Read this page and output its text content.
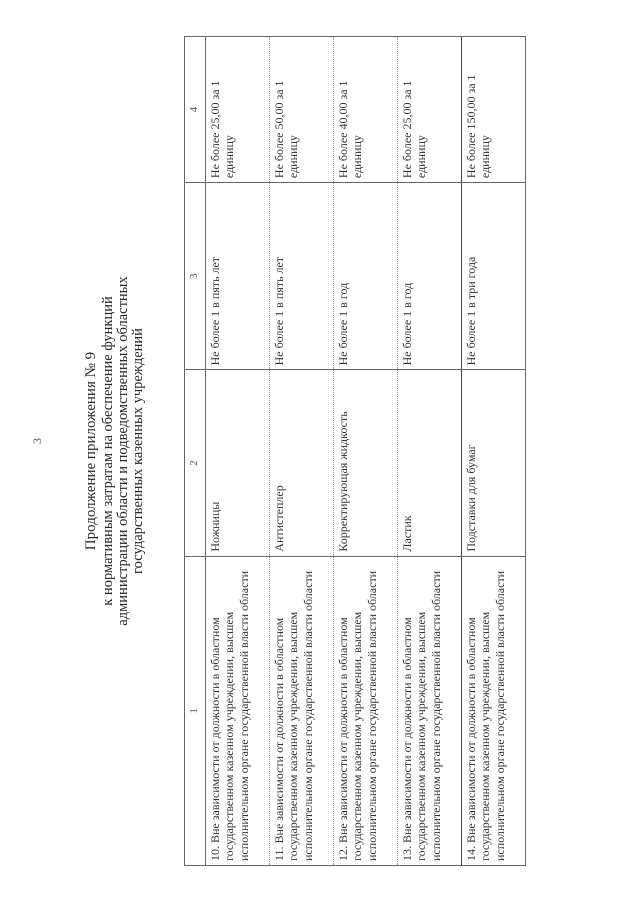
3	Продолжение приложения № 9 к нормативным затратам на обеспечение функций администрации области и подведомственных областных государственных казенных учреждений
1	2	3	4
10. Вне зависимости от должности в областном государственном казенном учреждении, высшем исполнительном органе государственной власти области	Ножницы	Не более 1 в пять лет	Не более 25,00 за 1 единицу
11. Вне зависимости от должности в областном государственном казенном учреждении, высшем исполнительном органе государственной власти области	Антистеплер	Не более 1 в пять лет	Не более 50,00 за 1 единицу
12. Вне зависимости от должности в областном государственном казенном учреждении, высшем исполнительном органе государственной власти области	Корректирующая жидкость	Не более 1 в год	Не более 40,00 за 1 единицу
13. Вне зависимости от должности в областном государственном казенном учреждении, высшем исполнительном органе государственной власти области	Ластик	Не более 1 в год	Не более 25,00 за 1 единицу
14. Вне зависимости от должности в областном государственном казенном учреждении, высшем исполнительном органе государственной власти области	Подставки для бумаг	Не более 1 в три года	Не более 150,00 за 1 единицу
